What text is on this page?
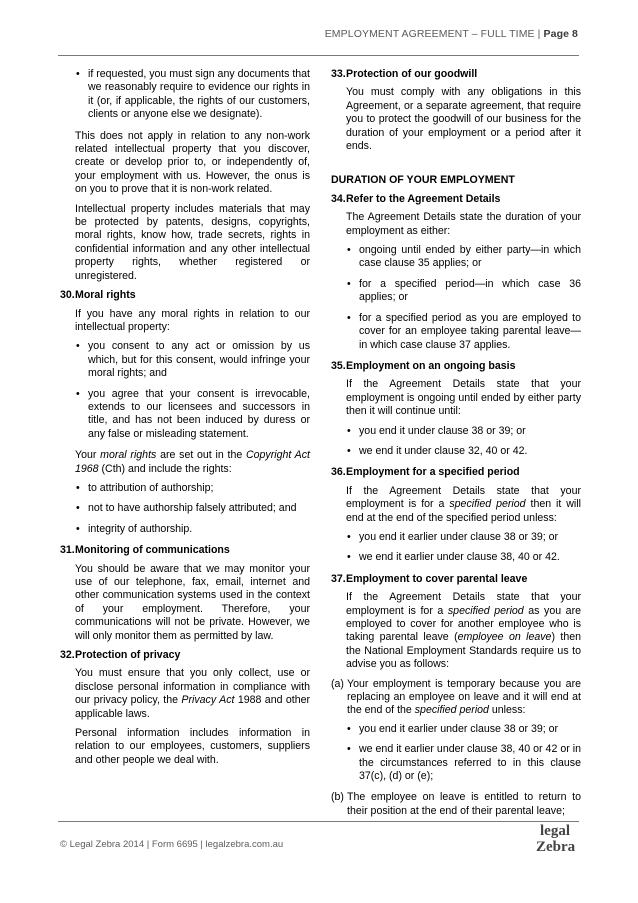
EMPLOYMENT AGREEMENT – FULL TIME | Page 8
• if requested, you must sign any documents that we reasonably require to evidence our rights in it (or, if applicable, the rights of our customers, clients or anyone else we designate).

This does not apply in relation to any non-work related intellectual property that you discover, create or develop prior to, or independently of, your employment with us. However, the onus is on you to prove that it is non-work related.

Intellectual property includes materials that may be protected by patents, designs, copyrights, moral rights, know how, trade secrets, rights in confidential information and any other intellectual property rights, whether registered or unregistered.

30. Moral rights

If you have any moral rights in relation to our intellectual property:

• you consent to any act or omission by us which, but for this consent, would infringe your moral rights; and
• you agree that your consent is irrevocable, extends to our licensees and successors in title, and has not been induced by duress or any false or misleading statement.

Your moral rights are set out in the Copyright Act 1968 (Cth) and include the rights:

• to attribution of authorship;
• not to have authorship falsely attributed; and
• integrity of authorship.
31. Monitoring of communications

You should be aware that we may monitor your use of our telephone, fax, email, internet and other communication systems used in the context of your employment. Therefore, your communications will not be private. However, we will only monitor them as permitted by law.

32. Protection of privacy

You must ensure that you only collect, use or disclose personal information in compliance with our privacy policy, the Privacy Act 1988 and other applicable laws.

Personal information includes information in relation to our employees, customers, suppliers and other people we deal with.

33. Protection of our goodwill

You must comply with any obligations in this Agreement, or a separate agreement, that require you to protect the goodwill of our business for the duration of your employment or a period after it ends.

DURATION OF YOUR EMPLOYMENT
34. Refer to the Agreement Details

The Agreement Details state the duration of your employment as either:

• ongoing until ended by either party—in which case clause 35 applies; or
• for a specified period—in which case 36 applies; or
• for a specified period as you are employed to cover for an employee taking parental leave—in which case clause 37 applies.
35. Employment on an ongoing basis

If the Agreement Details state that your employment is ongoing until ended by either party then it will continue until:

• you end it under clause 38 or 39; or
• we end it under clause 32, 40 or 42.
36. Employment for a specified period

If the Agreement Details state that your employment is for a specified period then it will end at the end of the specified period unless:

• you end it earlier under clause 38 or 39; or
• we end it earlier under clause 38, 40 or 42.
37. Employment to cover parental leave

If the Agreement Details state that your employment is for a specified period as you are employed to cover for another employee who is taking parental leave (employee on leave) then the National Employment Standards require us to advise you as follows:

(a) Your employment is temporary because you are replacing an employee on leave and it will end at the end of the specified period unless:
• you end it earlier under clause 38 or 39; or
• we end it earlier under clause 38, 40 or 42 or in the circumstances referred to in this clause 37(c), (d) or (e);
(b) The employee on leave is entitled to return to their position at the end of their parental leave;
© Legal Zebra 2014 | Form 6695 | legalzebra.com.au
legal
Zebra
